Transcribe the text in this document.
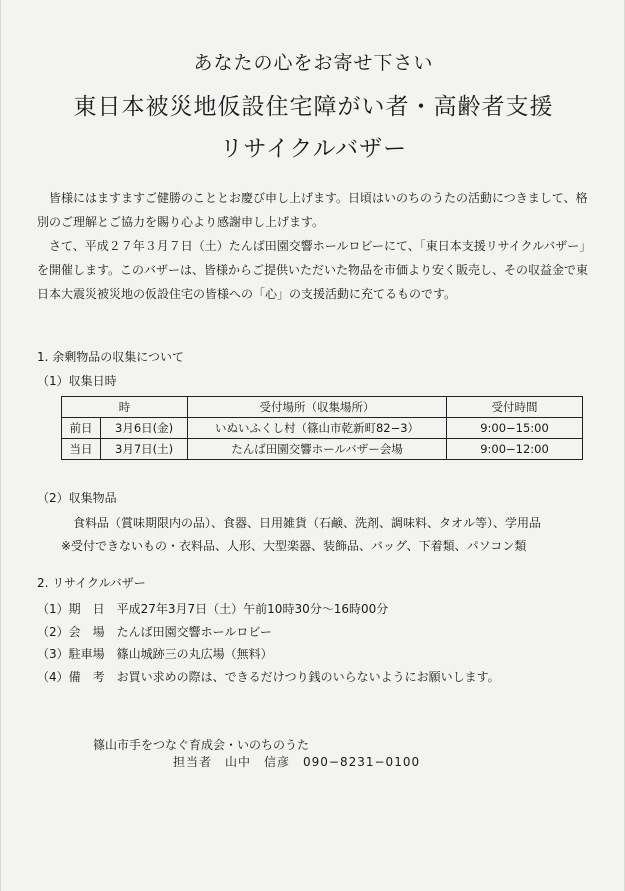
あなたの心をお寄せ下さい
東日本被災地仮設住宅障がい者・高齢者支援
リサイクルバザー

皆様にはますますご健勝のこととお慶び申し上げます。日頃はいのちのうたの活動につきまして、格別のご理解とご協力を賜り心より感謝申し上げます。

さて、平成２７年３月７日（土）たんば田園交響ホールロビーにて、「東日本支援リサイクルバザー」を開催します。このバザーは、皆様からご提供いただいた物品を市価より安く販売し、その収益金で東日本大震災被災地の仮設住宅の皆様への「心」の支援活動に充てるものです。

1. 余剰物品の収集について
（1）収集日時
時		受付場所（収集場所）	受付時間
前日	3月6日(金)	いぬいふくし村（篠山市乾新町82−3）	9:00−15:00
当日	3月7日(土)	たんば田園交響ホールバザー会場	9:00−12:00
（2）収集物品
食料品（賞味期限内の品）、食器、日用雑貨（石鹸、洗剤、調味料、タオル等）、学用品
※受付できないもの・衣料品、人形、大型楽器、装飾品、バッグ、下着類、パソコン類
2. リサイクルバザー
（1）期　日　平成27年3月7日（土）午前10時30分〜16時00分
（2）会　場　たんば田園交響ホールロビー
（3）駐車場　篠山城跡三の丸広場（無料）
（4）備　考　お買い求めの際は、できるだけつり銭のいらないようにお願いします。
篠山市手をつなぐ育成会・いのちのうた
担当者　山中　信彦　090−8231−0100
